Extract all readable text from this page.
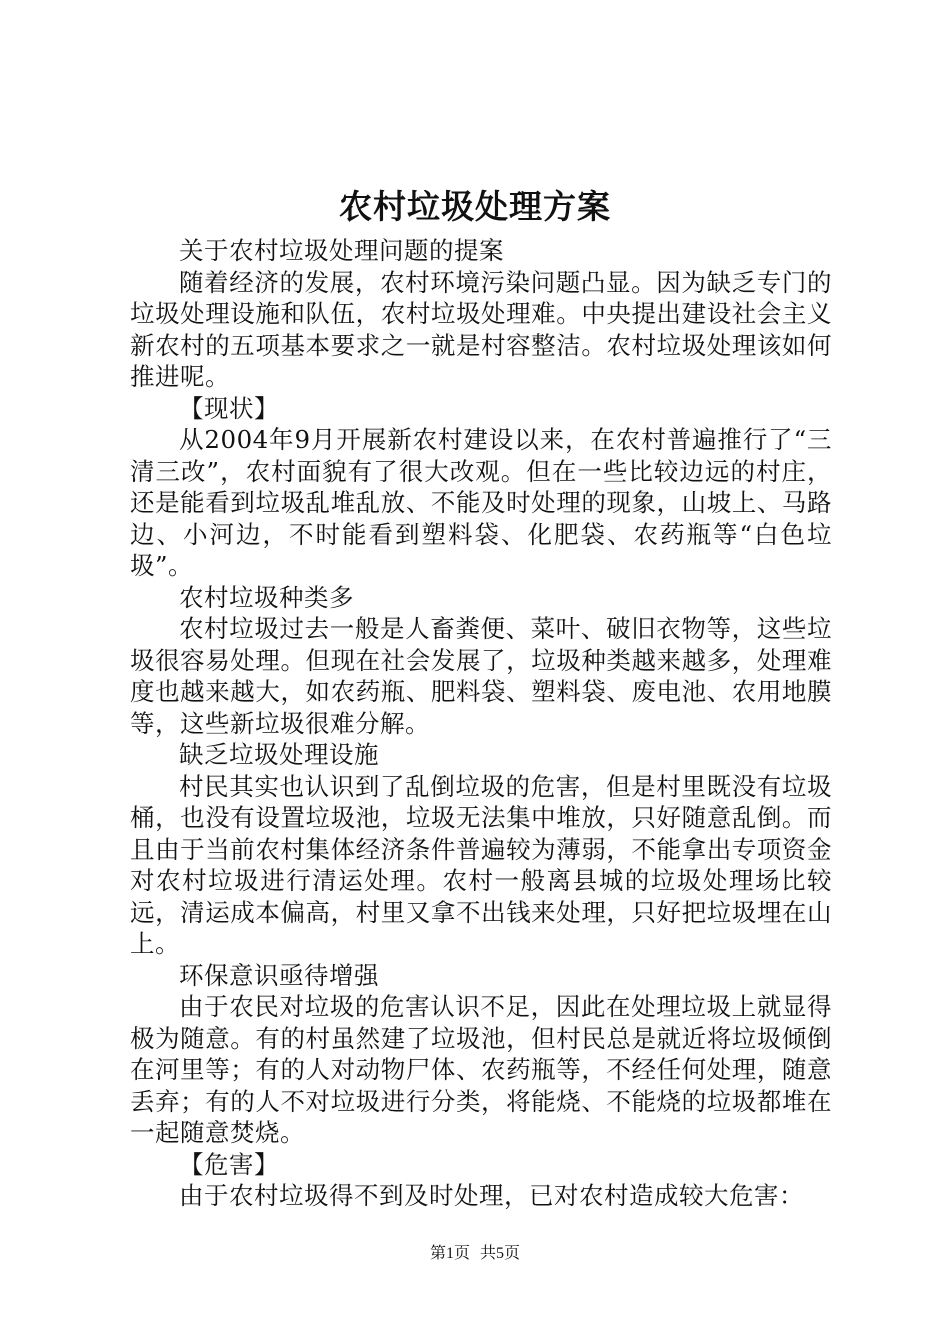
农村垃圾处理方案

关于农村垃圾处理问题的提案

随着经济的发展，农村环境污染问题凸显。因为缺乏专门的垃圾处理设施和队伍，农村垃圾处理难。中央提出建设社会主义新农村的五项基本要求之一就是村容整洁。农村垃圾处理该如何推进呢。

【现状】

从2004年9月开展新农村建设以来，在农村普遍推行了“三清三改”，农村面貌有了很大改观。但在一些比较边远的村庄，还是能看到垃圾乱堆乱放、不能及时处理的现象，山坡上、马路边、小河边，不时能看到塑料袋、化肥袋、农药瓶等“白色垃圾”。

农村垃圾种类多

农村垃圾过去一般是人畜粪便、菜叶、破旧衣物等，这些垃圾很容易处理。但现在社会发展了，垃圾种类越来越多，处理难度也越来越大，如农药瓶、肥料袋、塑料袋、废电池、农用地膜等，这些新垃圾很难分解。

缺乏垃圾处理设施

村民其实也认识到了乱倒垃圾的危害，但是村里既没有垃圾桶，也没有设置垃圾池，垃圾无法集中堆放，只好随意乱倒。而且由于当前农村集体经济条件普遍较为薄弱，不能拿出专项资金对农村垃圾进行清运处理。农村一般离县城的垃圾处理场比较远，清运成本偏高，村里又拿不出钱来处理，只好把垃圾埋在山上。

环保意识亟待增强

由于农民对垃圾的危害认识不足，因此在处理垃圾上就显得极为随意。有的村虽然建了垃圾池，但村民总是就近将垃圾倾倒在河里等；有的人对动物尸体、农药瓶等，不经任何处理，随意丢弃；有的人不对垃圾进行分类，将能烧、不能烧的垃圾都堆在一起随意焚烧。

【危害】

由于农村垃圾得不到及时处理，已对农村造成较大危害：

第1页 共5页
